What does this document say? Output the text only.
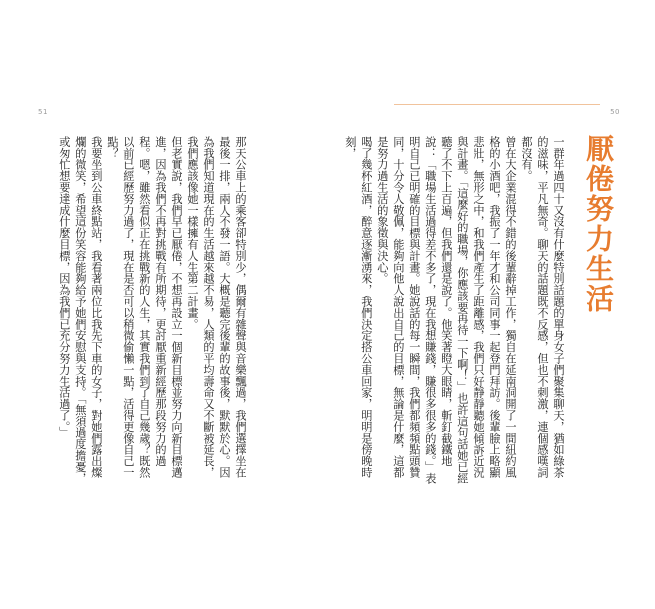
51

那天公車上的乘客卻特別少，偶爾有雜聲與音樂飄過，我們選擇坐在最後一排，兩人不發一語。大概是聽完後輩的故事後，默默於心。因為我們知道現在的生活越來越不易，人類的平均壽命又不斷被延長，我們應該像她一樣擁有人生第二計畫。

但老實說，我們早已厭倦，不想再設立一個新目標並努力向新目標邁進，因為我們不再對挑戰有所期待，更討厭重新經歷那段努力的過程。嗯，雖然看似正在挑戰新的人生，其實我們到了自己幾歲？既然以前已經歷努力過了，現在是否可以稍微偷懶一點，活得更像自己一點？

我要坐到公車終點站，我看著兩位比我先下車的女子，對她們露出燦爛的微笑，希望這份笑容能夠給予她們安慰與支持。「無須過度擔憂，或匆忙想要達成什麼目標，因為我們已充分努力生活過了。」

50
厭倦努力生活

一群年過四十又沒有什麼特別話題的單身女子們聚集聊天，猶如綠茶的滋味，平凡無奇。聊天的話題既不反感，但也不刺激，連個感嘆詞都沒有。

曾在大企業混得不錯的後輩辭掉工作，獨自在延南洞開了一間紐約風格的小酒吧，我振了一年才和公司同事一起登門拜訪。後輩臉上略顯悲壯，無形之中，和我們產生了距離感，我們只好靜靜聽她傾訴近況與計畫。「這麼好的職場，你應該要再待一下啊！」也許這句話她已經聽了不下上百遍，但我們還是說了。他笑著瞪大眼睛，斬釘截鐵地說：「職場生活過得差不多了，現在我想賺錢，賺很多很多的錢。」表明自己已明確的目標與計畫。她說話的每一瞬間，我們都頻頻點頭贊同，十分令人敬佩，能夠向他人說出自己的目標，無論是什麼，這都是努力過生活的象徵與決心。

喝了幾杯紅酒，醉意逐漸湧來，我們決定搭公車回家，明明是傍晚時刻，
